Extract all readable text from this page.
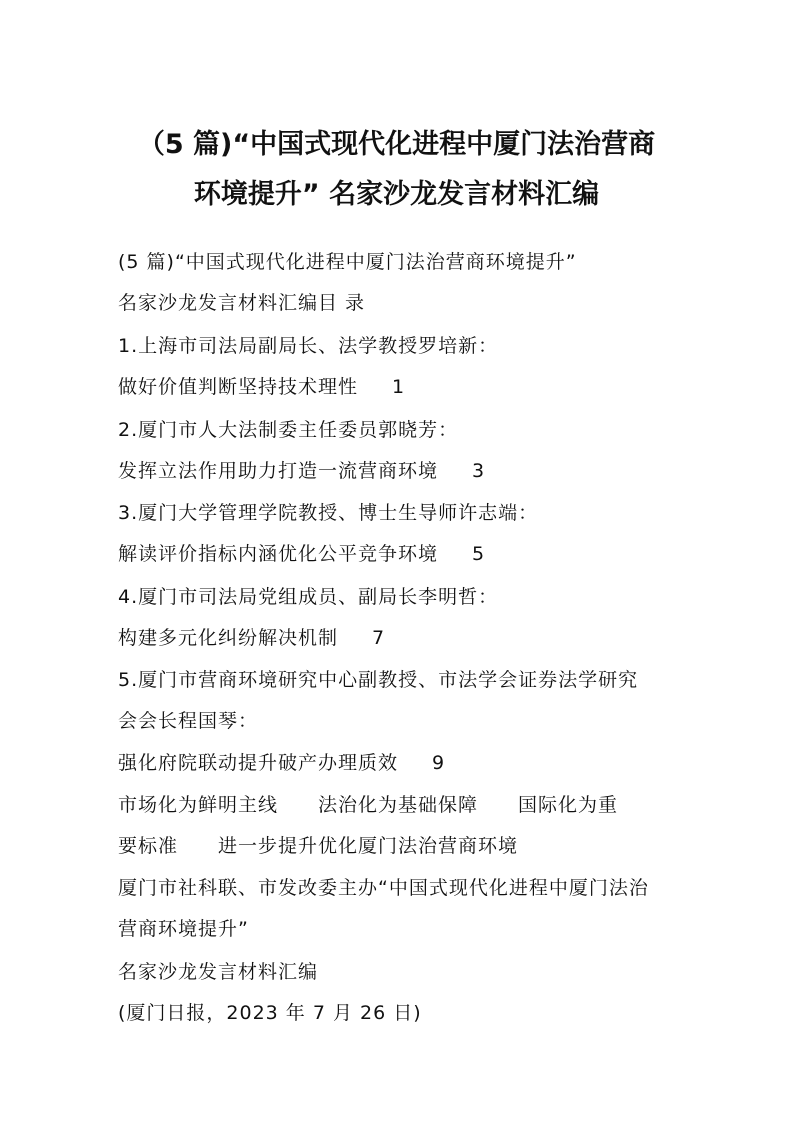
（5 篇)“中国式现代化进程中厦门法治营商
环境提升” 名家沙龙发言材料汇编
(5 篇)“中国式现代化进程中厦门法治营商环境提升”
名家沙龙发言材料汇编目 录
1.上海市司法局副局长、法学教授罗培新：
做好价值判断坚持技术理性 1
2.厦门市人大法制委主任委员郭晓芳：
发挥立法作用助力打造一流营商环境 3
3.厦门大学管理学院教授、博士生导师许志端：
解读评价指标内涵优化公平竞争环境 5
4.厦门市司法局党组成员、副局长李明哲：
构建多元化纠纷解决机制 7
5.厦门市营商环境研究中心副教授、市法学会证券法学研究
会会长程国琴：
强化府院联动提升破产办理质效 9
市场化为鲜明主线 法治化为基础保障 国际化为重
要标准 进一步提升优化厦门法治营商环境
厦门市社科联、市发改委主办“中国式现代化进程中厦门法治
营商环境提升”
名家沙龙发言材料汇编
(厦门日报，2023 年 7 月 26 日)
